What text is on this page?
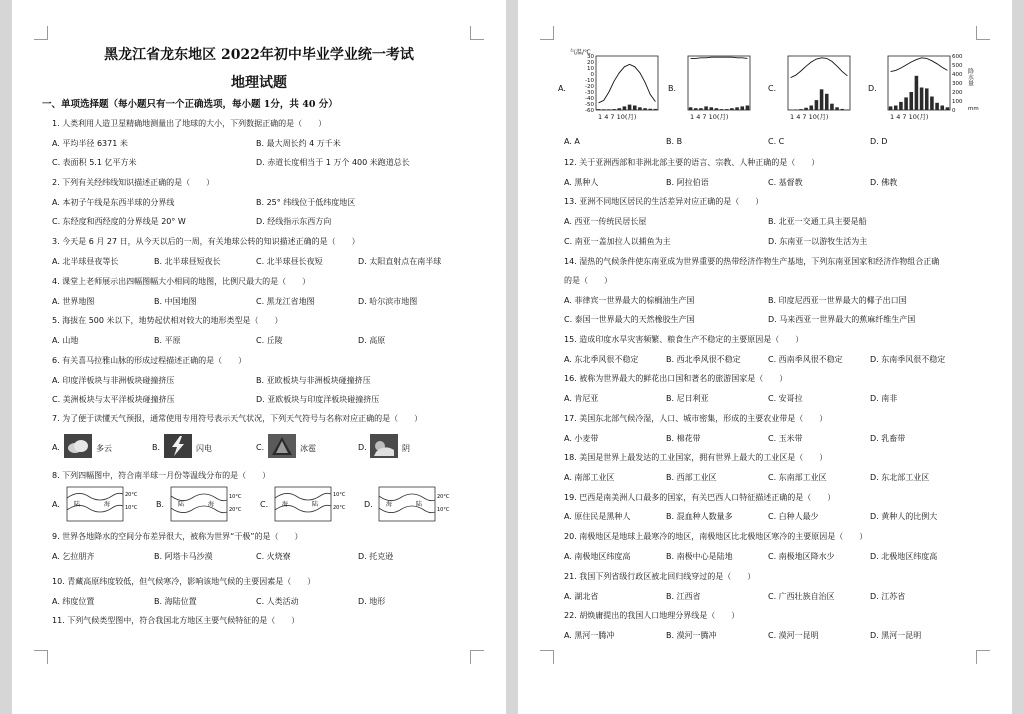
黑龙江省龙东地区 2022年初中毕业学业统一考试
地理试题
一、单项选择题（每小题只有一个正确选项，每小题 1分，共 40 分）
1. 人类利用人造卫星精确地测量出了地球的大小，下列数据正确的是（　　）
A. 平均半径 6371 米	B. 最大周长约 4 万千米
C. 表面积 5.1 亿平方米	D. 赤道长度相当于 1 万个 400 米跑道总长
2. 下列有关经纬线知识描述正确的是（　　）
A. 本初子午线是东西半球的分界线	B. 25° 纬线位于低纬度地区
C. 东经度和西经度的分界线是 20° W	D. 经线指示东西方向
3. 今天是 6 月 27 日，从今天以后的一周，有关地球公转的知识描述正确的是（　　）
A. 北半球昼夜等长	B. 北半球昼短夜长	C. 北半球昼长夜短	D. 太阳直射点在南半球
4. 课堂上老师展示出四幅图幅大小相同的地图，比例尺最大的是（　　）
A. 世界地图	B. 中国地图	C. 黑龙江省地图	D. 哈尔滨市地图
5. 海拔在 500 米以下，地势起伏相对较大的地形类型是（　　）
A. 山地	B. 平原	C. 丘陵	D. 高原
6. 有关喜马拉雅山脉的形成过程描述正确的是（　　）
A. 印度洋板块与非洲板块碰撞挤压	B. 亚欧板块与非洲板块碰撞挤压
C. 美洲板块与太平洋板块碰撞挤压	D. 亚欧板块与印度洋板块碰撞挤压
7. 为了便于读懂天气预报，通常使用专用符号表示天气状况，下列天气符号与名称对应正确的是（　　）
A.	多云	B.	闪电	C.	冰雹	D.	阴
8. 下列四幅图中，符合南半球一月份等温线分布的是（　　）
A. 陆	海
20°C
10°C B. 陆	海
10°C
20°C
C. 海	陆
10°C
20°C D. 海	陆
20°C
10°C
9. 世界各地降水的空间分布差异很大，被称为世界“干极”的是（　　）
A. 乞拉朋齐	B. 阿塔卡马沙漠	C. 火烧寮	D. 托克逊
10. 青藏高原纬度较低，但气候寒冷，影响该地气候的主要因素是（　　）
A. 纬度位置	B. 海陆位置	C. 人类活动	D. 地形
11. 下列气候类型图中，符合我国北方地区主要气候特征的是（　　）
A.
1 4 7 10(月)
气温/℃
30
20
10
0
-10
-20
-30
-40
-50
-60
B.
1 4 7 10(月)
C.
1 4 7 10(月)
D.
1 4 7 10(月)
600
500
400
300
200
100
0
降水量
mm
A. A	B. B	C. C	D. D
12. 关于亚洲西部和非洲北部主要的语言、宗教、人种正确的是（　　）
A. 黑种人	B. 阿拉伯语	C. 基督教	D. 佛教
13. 亚洲不同地区居民的生活差异对应正确的是（　　）
A. 西亚一传统民居长屋	B. 北亚一交通工具主要是船
C. 南亚一盖加拉人以捕鱼为主	D. 东南亚一以游牧生活为主
14. 湿热的气候条件使东南亚成为世界重要的热带经济作物生产基地，下列东南亚国家和经济作物组合正确
的是（　　）
A. 菲律宾一世界最大的棕榈油生产国	B. 印度尼西亚一世界最大的椰子出口国
C. 泰国一世界最大的天然橡胶生产国	D. 马来西亚一世界最大的蕉麻纤维生产国
15. 造成印度水旱灾害频繁、粮食生产不稳定的主要原因是（　　）
A. 东北季风很不稳定	B. 西北季风很不稳定	C. 西南季风很不稳定	D. 东南季风很不稳定
16. 被称为世界最大的鲜花出口国和著名的旅游国家是（　　）
A. 肯尼亚	B. 尼日利亚	C. 安哥拉	D. 南非
17. 美国东北部气候冷湿，人口、城市密集，形成的主要农业带是（　　）
A. 小麦带	B. 棉花带	C. 玉米带	D. 乳畜带
18. 美国是世界上最发达的工业国家，拥有世界上最大的工业区是（　　）
A. 南部工业区	B. 西部工业区	C. 东南部工业区	D. 东北部工业区
19. 巴西是南美洲人口最多的国家，有关巴西人口特征描述正确的是（　　）
A. 原住民是黑种人	B. 混血种人数量多	C. 白种人最少	D. 黄种人的比例大
20. 南极地区是地球上最寒冷的地区，南极地区比北极地区寒冷的主要原因是（　　）
A. 南极地区纬度高	B. 南极中心是陆地	C. 南极地区降水少	D. 北极地区纬度高
21. 我国下列省级行政区被北回归线穿过的是（　　）
A. 湖北省	B. 江西省	C. 广西壮族自治区	D. 江苏省
22. 胡焕庸提出的我国人口地理分界线是（　　）
A. 黑河一腾冲	B. 漠河一腾冲	C. 漠河一昆明	D. 黑河一昆明
